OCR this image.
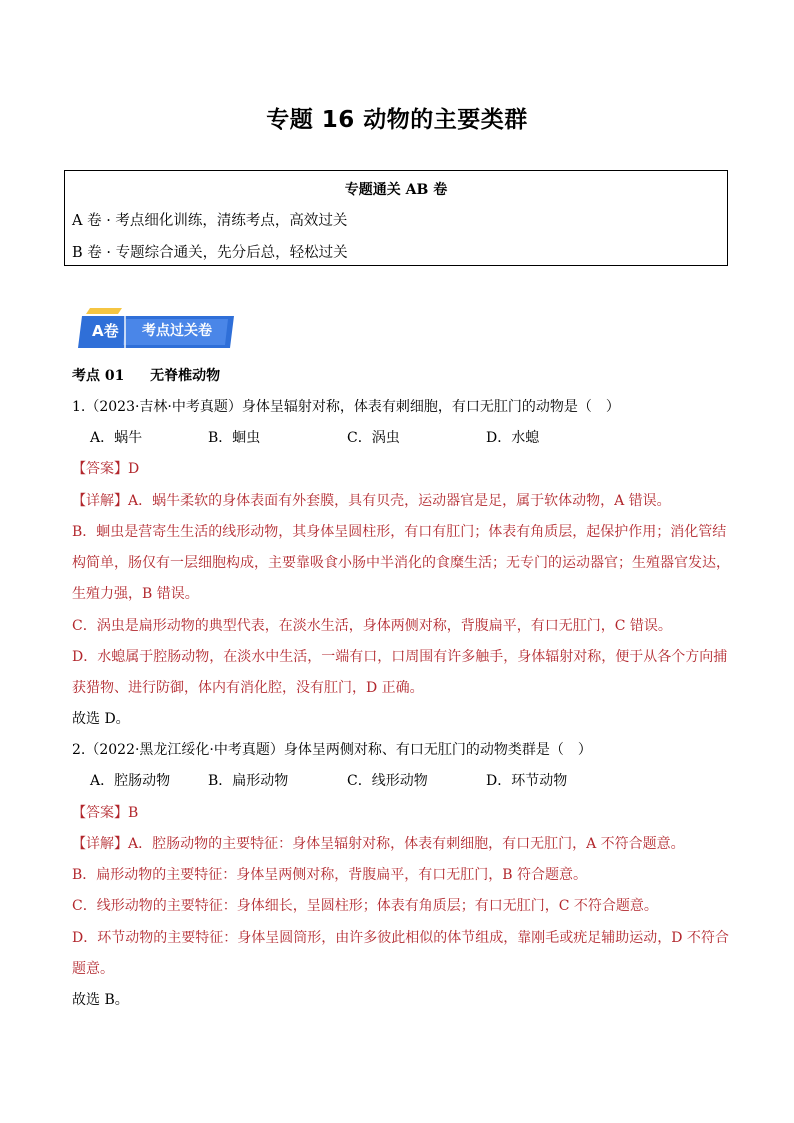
专题 16 动物的主要类群
专题通关 AB 卷
A 卷 · 考点细化训练，清练考点，高效过关
B 卷 · 专题综合通关，先分后总，轻松过关
A卷 考点过关卷
考点 01 无脊椎动物
1.（2023·吉林·中考真题）身体呈辐射对称，体表有刺细胞，有口无肛门的动物是（　）
A．蜗牛	B．蛔虫	C．涡虫	D．水螅
【答案】D
【详解】A．蜗牛柔软的身体表面有外套膜，具有贝壳，运动器官是足，属于软体动物，A 错误。
B．蛔虫是营寄生生活的线形动物，其身体呈圆柱形，有口有肛门；体表有角质层，起保护作用；消化管结
构简单，肠仅有一层细胞构成，主要靠吸食小肠中半消化的食糜生活；无专门的运动器官；生殖器官发达，
生殖力强，B 错误。
C．涡虫是扁形动物的典型代表，在淡水生活，身体两侧对称，背腹扁平，有口无肛门，C 错误。
D．水螅属于腔肠动物，在淡水中生活，一端有口，口周围有许多触手，身体辐射对称，便于从各个方向捕
获猎物、进行防御，体内有消化腔，没有肛门，D 正确。
故选 D。
2.（2022·黑龙江绥化·中考真题）身体呈两侧对称、有口无肛门的动物类群是（　）
A．腔肠动物	B．扁形动物	C．线形动物	D．环节动物
【答案】B
【详解】A．腔肠动物的主要特征：身体呈辐射对称，体表有刺细胞，有口无肛门，A 不符合题意。
B．扁形动物的主要特征：身体呈两侧对称，背腹扁平，有口无肛门，B 符合题意。
C．线形动物的主要特征：身体细长，呈圆柱形；体表有角质层；有口无肛门，C 不符合题意。
D．环节动物的主要特征：身体呈圆筒形，由许多彼此相似的体节组成，靠刚毛或疣足辅助运动，D 不符合
题意。
故选 B。
